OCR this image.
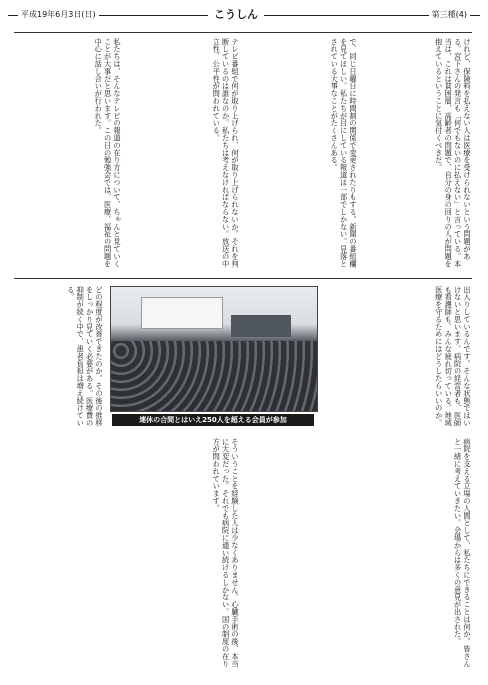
平成19年6月3日(日)	こうしん	第三種(4)
けれど、保険料を払えない人は医療を受けられないという問題がある。宮下さんの発言も「何でもないのに払えない」と言っている。本当は、これは貧困層、高齢者の問題で、自分の身の回りの人が問題を抱えているということに気付くべきだ。
で、同じ日曜日に時間割の関係で変更されたりもする。新聞の番組欄を見てほしい。私たちが目にしている報道は一部でしかない。見落とされている大事なことがたくさんある。
テレビ番組で何が取り上げられ、何が取り上げられないか。それを判断しているのは誰なのか。私たちは考えなければならない。放送の中立性、公平性が問われている。
私たちは、そんなテレビの報道の在り方について、ちゃんと見ていくことが大事だと思います。この日の勉強会では、医療、福祉の問題を中心に話し合いが行われた。
連休の合間とはいえ250人を超える会員が参加	出入りしているんです。そんな状態ではいけないと思います。病院の経営者も、医師も看護師も、みんな疲れ切っている。地域医療を守るためにはどうしたらいいのか。
どの程度が改善できたのか。その後の推移をしっかり見ていく必要がある。医療費の抑制が続く中で、患者負担は増え続けている。
病院を支える立場の人間として、私たちにできることは何か。皆さんと一緒に考えていきたい。会場からは多くの意見が出された。
そういうことを経験した人は少なくありません。心臓手術の後、本当に大変だった。それでも病院に通い続けるしかない。国の制度の在り方が問われています。
